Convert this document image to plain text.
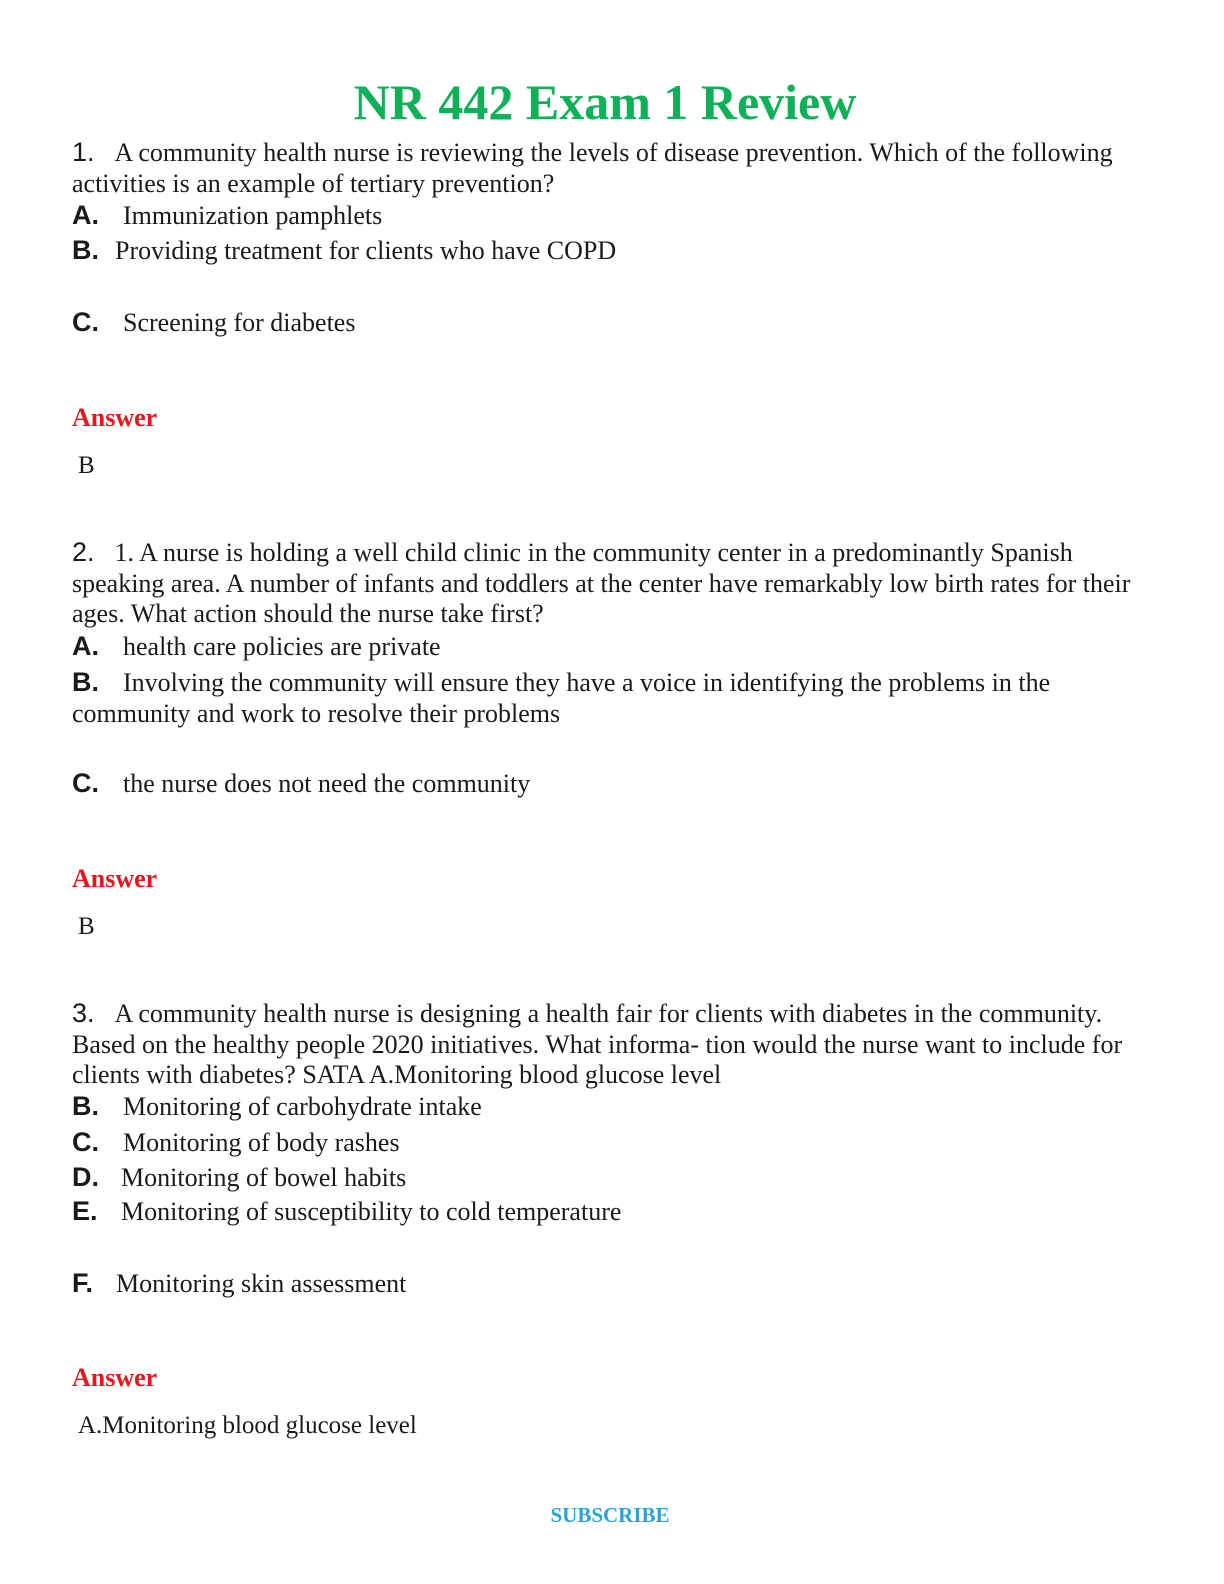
NR 442 Exam 1 Review
1. A community health nurse is reviewing the levels of disease prevention. Which of the following activities is an example of tertiary prevention?
A. Immunization pamphlets
B. Providing treatment for clients who have COPD
C. Screening for diabetes
Answer
B
2. 1. A nurse is holding a well child clinic in the community center in a predominantly Spanish speaking area. A number of infants and toddlers at the center have remarkably low birth rates for their ages. What action should the nurse take first?
A. health care policies are private
B. Involving the community will ensure they have a voice in identifying the problems in the community and work to resolve their problems
C. the nurse does not need the community
Answer
B
3. A community health nurse is designing a health fair for clients with diabetes in the community. Based on the healthy people 2020 initiatives. What informa- tion would the nurse want to include for clients with diabetes? SATA A.Monitoring blood glucose level
B. Monitoring of carbohydrate intake
C. Monitoring of body rashes
D. Monitoring of bowel habits
E. Monitoring of susceptibility to cold temperature
F. Monitoring skin assessment
Answer
A.Monitoring blood glucose level
SUBSCRIBE
